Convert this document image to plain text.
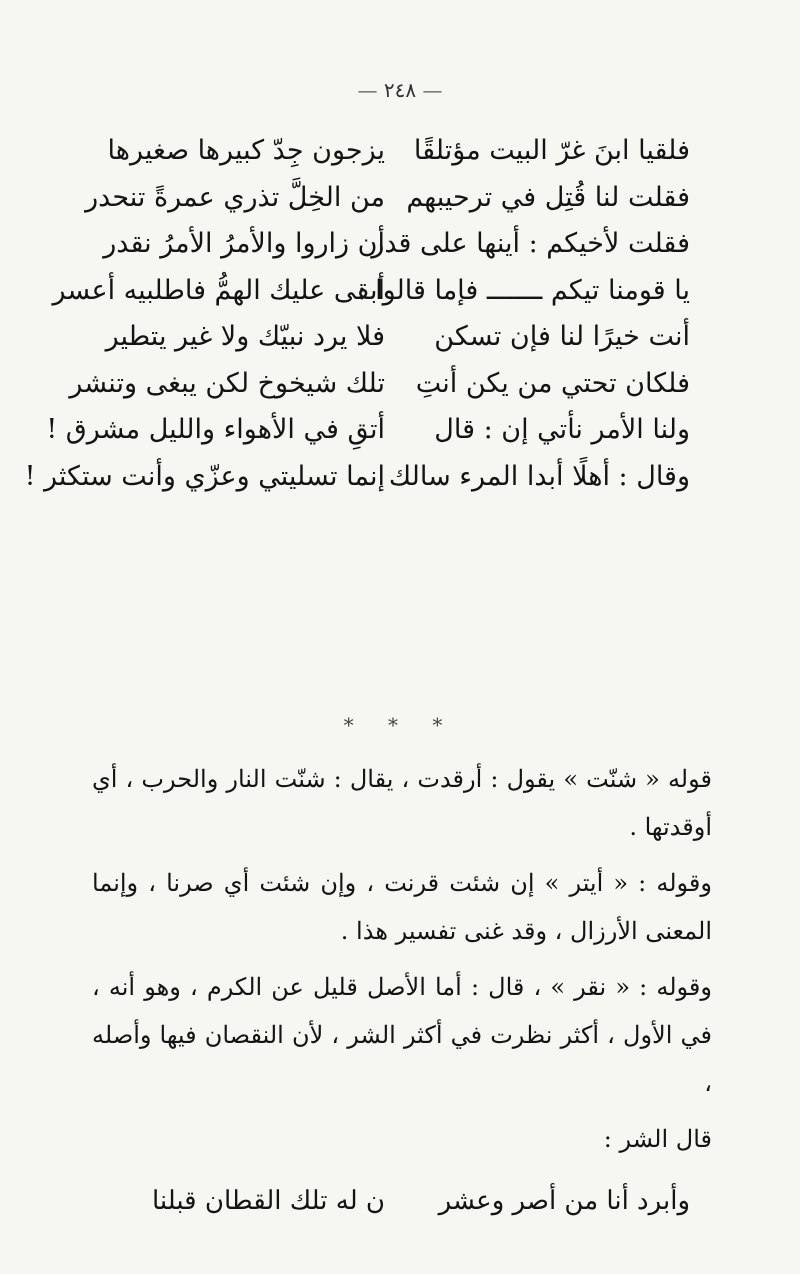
— ٢٤٨ —
فلقيا ابنَ غرّ البيت مؤتلقًا
يزجون جِدّ كبيرها صغيرها
فقلت لنا قُتِل في ترحيبهم
من الخِلَّ تذري عمرةً تنحدر
فقلت لأخيكم : أينها على قدر
أن زاروا والأمرُ الأمرُ نقدر
يا قومنا تيكم ـــــــ فإما قالوا :
أبقى عليك الهمُّ فاطلبيه أعسر
أنت خيرًا لنا فإن تسكن
فلا يرد نبيّك ولا غير يتطير
فلكان تحتي من يكن أنتِ
تلك شيخوخ لكن يبغى وتنشر
ولنا الأمر نأتي إن : قال
أتقِ في الأهواء والليل مشرق !
وقال : أهلًا أبدا المرء سالك
إنما تسليتي وعزّي وأنت ستكثر !
* * *

قوله « شنّت » يقول : أرقدت ، يقال : شنّت النار والحرب ، أي أوقدتها .

وقوله : « أيتر » إن شئت قرنت ، وإن شئت أي صرنا ، وإنما المعنى الأرزال ، وقد غنى تفسير هذا .

وقوله : « نقر » ، قال : أما الأصل قليل عن الكرم ، وهو أنه ، في الأول ، أكثر نظرت في أكثر الشر ، لأن النقصان فيها وأصله ،

قال الشر :

وأبرد أنا من أصر وعشر
ن له تلك القطان قبلنا
